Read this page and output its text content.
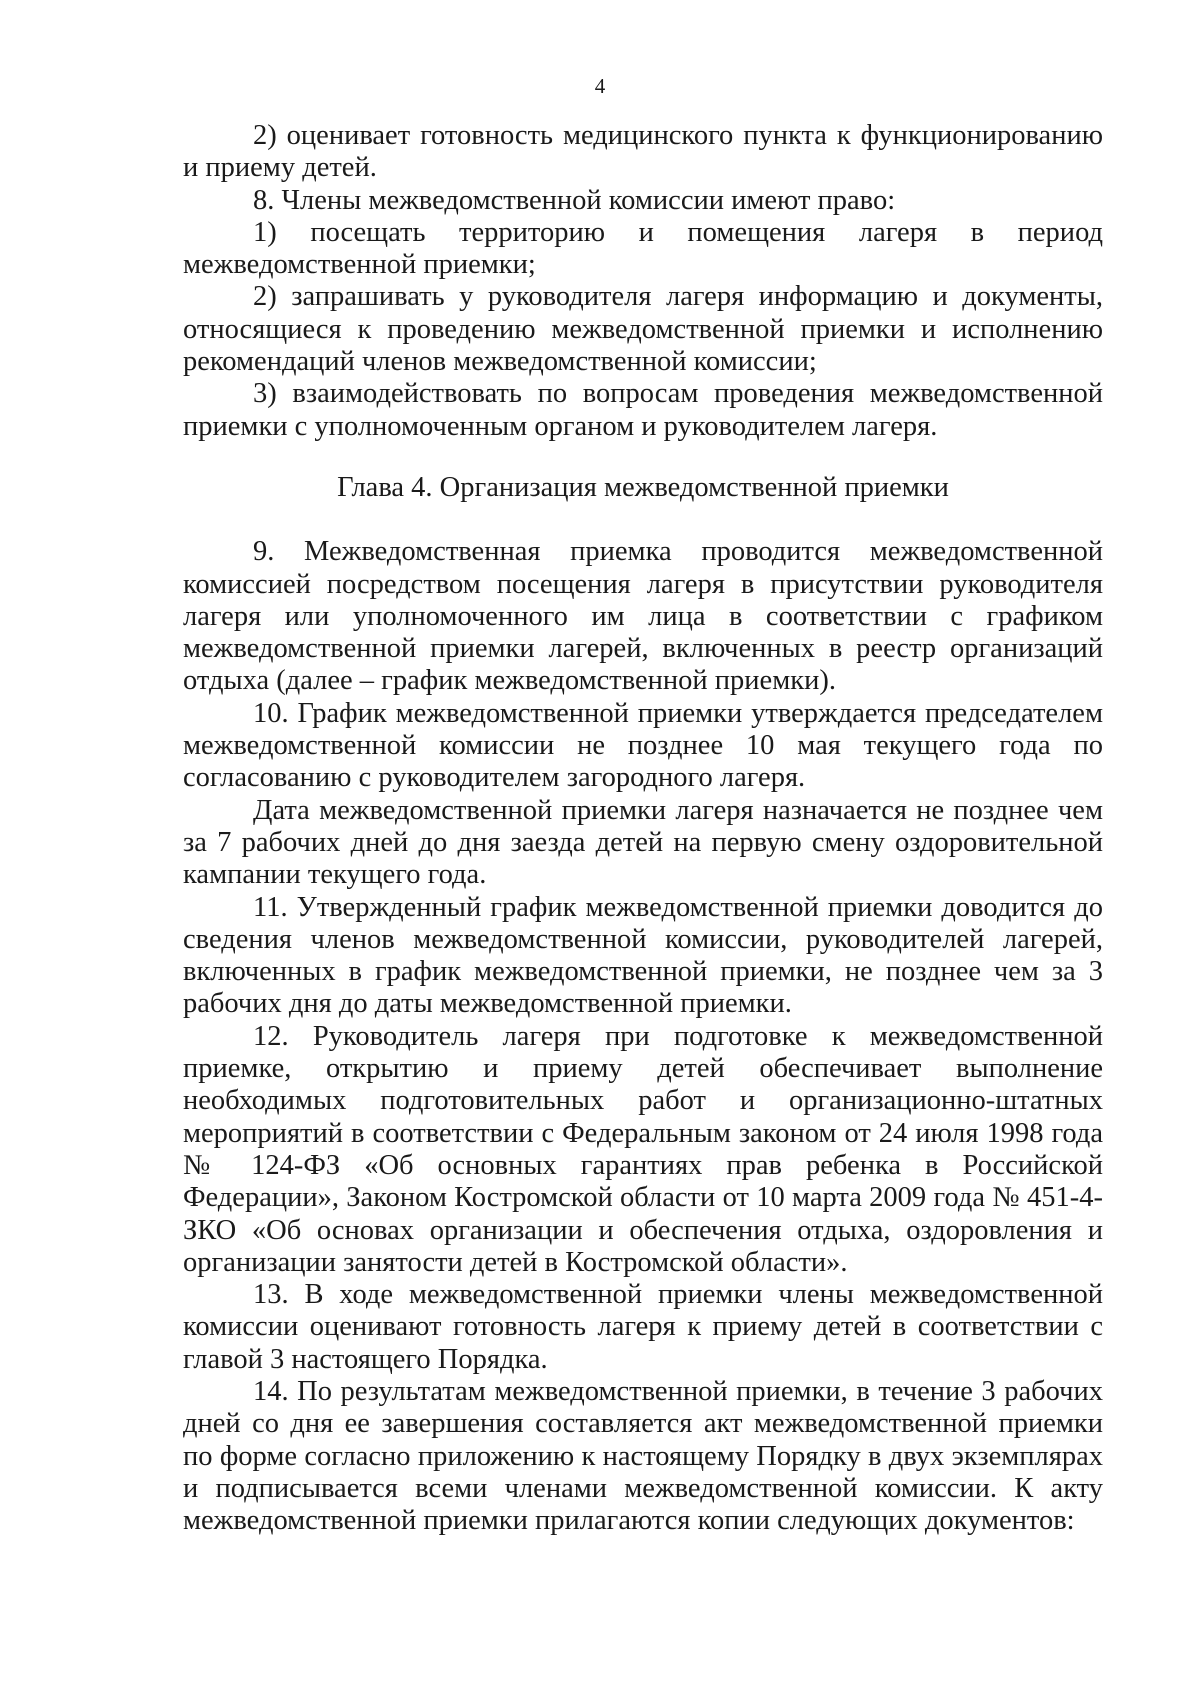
4

2) оценивает готовность медицинского пункта к функционированию и приему детей.

8. Члены межведомственной комиссии имеют право:

1) посещать территорию и помещения лагеря в период межведомственной приемки;

2) запрашивать у руководителя лагеря информацию и документы, относящиеся к проведению межведомственной приемки и исполнению рекомендаций членов межведомственной комиссии;

3) взаимодействовать по вопросам проведения межведомственной приемки с уполномоченным органом и руководителем лагеря.

Глава 4. Организация межведомственной приемки

9. Межведомственная приемка проводится межведомственной комиссией посредством посещения лагеря в присутствии руководителя лагеря или уполномоченного им лица в соответствии с графиком межведомственной приемки лагерей, включенных в реестр организаций отдыха (далее – график межведомственной приемки).

10. График межведомственной приемки утверждается председателем межведомственной комиссии не позднее 10 мая текущего года по согласованию с руководителем загородного лагеря.

Дата межведомственной приемки лагеря назначается не позднее чем за 7 рабочих дней до дня заезда детей на первую смену оздоровительной кампании текущего года.

11. Утвержденный график межведомственной приемки доводится до сведения членов межведомственной комиссии, руководителей лагерей, включенных в график межведомственной приемки, не позднее чем за 3 рабочих дня до даты межведомственной приемки.

12. Руководитель лагеря при подготовке к межведомственной приемке, открытию и приему детей обеспечивает выполнение необходимых подготовительных работ и организационно-штатных мероприятий в соответствии с Федеральным законом от 24 июля 1998 года № 124-ФЗ «Об основных гарантиях прав ребенка в Российской Федерации», Законом Костромской области от 10 марта 2009 года № 451-4-ЗКО «Об основах организации и обеспечения отдыха, оздоровления и организации занятости детей в Костромской области».

13. В ходе межведомственной приемки члены межведомственной комиссии оценивают готовность лагеря к приему детей в соответствии с главой 3 настоящего Порядка.

14. По результатам межведомственной приемки, в течение 3 рабочих дней со дня ее завершения составляется акт межведомственной приемки по форме согласно приложению к настоящему Порядку в двух экземплярах и подписывается всеми членами межведомственной комиссии. К акту межведомственной приемки прилагаются копии следующих документов:
